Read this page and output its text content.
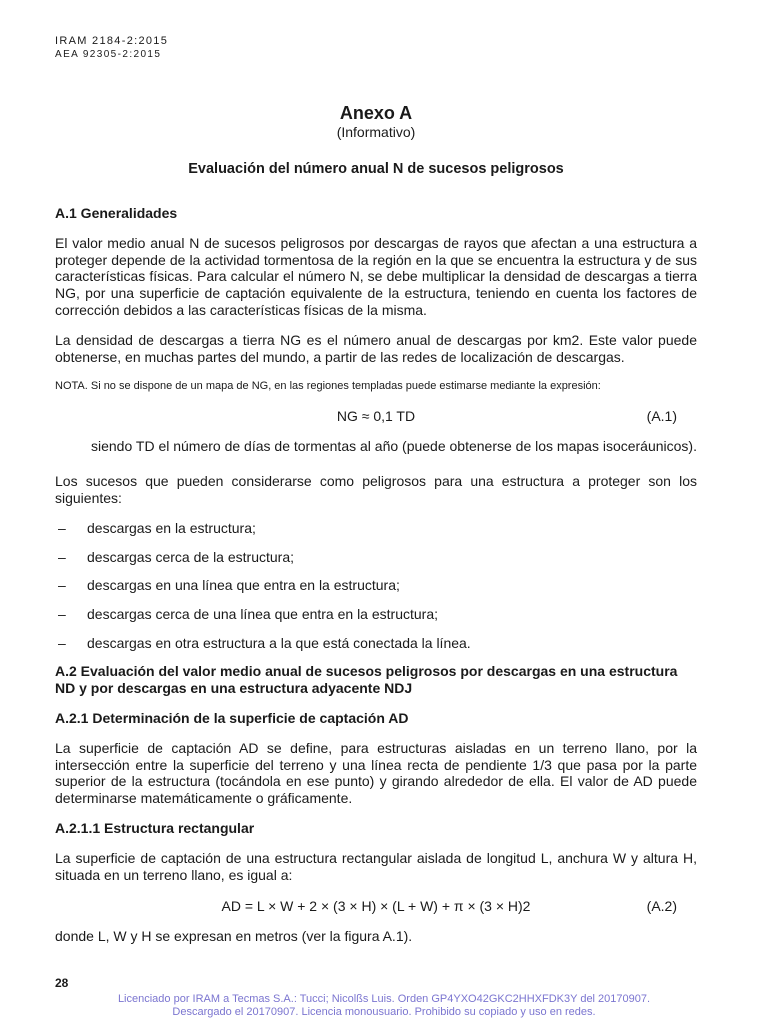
IRAM 2184-2:2015
AEA 92305-2:2015
Anexo A
(Informativo)
Evaluación del número anual N de sucesos peligrosos
A.1 Generalidades

El valor medio anual N de sucesos peligrosos por descargas de rayos que afectan a una estructura a proteger depende de la actividad tormentosa de la región en la que se encuentra la estructura y de sus características físicas. Para calcular el número N, se debe multiplicar la densidad de descargas a tierra NG, por una superficie de captación equivalente de la estructura, teniendo en cuenta los factores de corrección debidos a las características físicas de la misma.

La densidad de descargas a tierra NG es el número anual de descargas por km2. Este valor puede obtenerse, en muchas partes del mundo, a partir de las redes de localización de descargas.

NOTA. Si no se dispone de un mapa de NG, en las regiones templadas puede estimarse mediante la expresión:

NG ≈ 0,1 TD	(A.1)

siendo TD el número de días de tormentas al año (puede obtenerse de los mapas isoceráunicos).

Los sucesos que pueden considerarse como peligrosos para una estructura a proteger son los siguientes:

– descargas en la estructura;
– descargas cerca de la estructura;
– descargas en una línea que entra en la estructura;
– descargas cerca de una línea que entra en la estructura;
– descargas en otra estructura a la que está conectada la línea.
A.2 Evaluación del valor medio anual de sucesos peligrosos por descargas en una estructura ND y por descargas en una estructura adyacente NDJ
A.2.1 Determinación de la superficie de captación AD

La superficie de captación AD se define, para estructuras aisladas en un terreno llano, por la intersección entre la superficie del terreno y una línea recta de pendiente 1/3 que pasa por la parte superior de la estructura (tocándola en ese punto) y girando alrededor de ella. El valor de AD puede determinarse matemáticamente o gráficamente.

A.2.1.1 Estructura rectangular

La superficie de captación de una estructura rectangular aislada de longitud L, anchura W y altura H, situada en un terreno llano, es igual a:

AD = L × W + 2 × (3 × H) × (L + W) + π × (3 × H)2	(A.2)

donde L, W y H se expresan en metros (ver la figura A.1).

28
Licenciado por IRAM a Tecmas S.A.: Tucci; Nicolßs Luis. Orden GP4YXO42GKC2HHXFDK3Y del 20170907.
Descargado el 20170907. Licencia monousuario. Prohibido su copiado y uso en redes.
